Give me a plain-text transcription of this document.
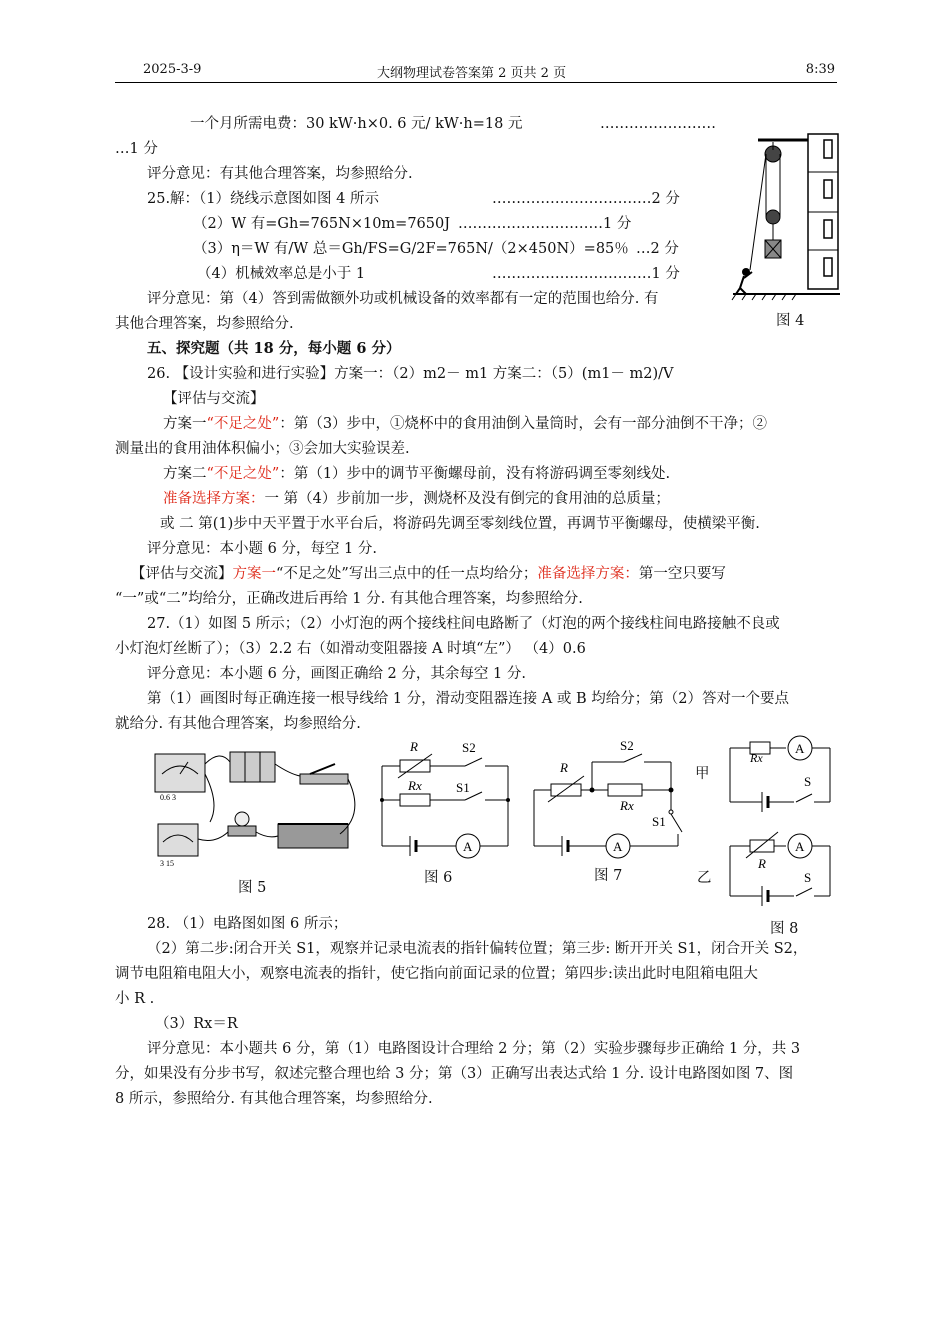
2025-3-9	大纲物理试卷答案第 2 页共 2 页	8:39
一个月所需电费：30 kW·h×0. 6 元/ kW·h=18 元	……………………
…1 分
评分意见：有其他合理答案，均参照给分.
25.解：（1）绕线示意图如图 4 所示	……………………………2 分
（2）W 有=Gh=765N×10m=7650J …………………………1 分
（3）η＝W 有/W 总＝Gh/FS=G/2F=765N/（2×450N）=85％ …2 分
（4）机械效率总是小于 1	……………………………1 分
评分意见：第（4）答到需做额外功或机械设备的效率都有一定的范围也给分. 有
其他合理答案，均参照给分.
五、探究题（共 18 分，每小题 6 分）
26. 【设计实验和进行实验】方案一：（2）m2－ m1 方案二：（5）(m1－ m2)/V
【评估与交流】
方案一“不足之处”：第（3）步中，①烧杯中的食用油倒入量筒时，会有一部分油倒不干净；②
测量出的食用油体积偏小；③会加大实验误差.
方案二“不足之处”：第（1）步中的调节平衡螺母前，没有将游码调至零刻线处.
准备选择方案：一 第（4）步前加一步，测烧杯及没有倒完的食用油的总质量；
或 二 第(1)步中天平置于水平台后，将游码先调至零刻线位置，再调节平衡螺母，使横梁平衡.
评分意见：本小题 6 分，每空 1 分.
【评估与交流】方案一“不足之处”写出三点中的任一点均给分；准备选择方案：第一空只要写
“一”或“二”均给分，正确改进后再给 1 分. 有其他合理答案，均参照给分.
27.（1）如图 5 所示；（2）小灯泡的两个接线柱间电路断了（灯泡的两个接线柱间电路接触不良或
小灯泡灯丝断了）；（3）2.2 右（如滑动变阻器接 A 时填“左”） （4）0.6
评分意见：本小题 6 分，画图正确给 2 分，其余每空 1 分.
第（1）画图时每正确连接一根导线给 1 分，滑动变阻器连接 A 或 B 均给分；第（2）答对一个要点
就给分. 有其他合理答案，均参照给分.
28. （1）电路图如图 6 所示；
（2）第二步:闭合开关 S1，观察并记录电流表的指针偏转位置；第三步: 断开开关 S1，闭合开关 S2，
调节电阻箱电阻大小，观察电流表的指针，使它指向前面记录的位置；第四步:读出此时电阻箱电阻大
小 R .
（3）Rx＝R
评分意见：本小题共 6 分，第（1）电路图设计合理给 2 分；第（2）实验步骤每步正确给 1 分，共 3
分，如果没有分步书写，叙述完整合理也给 3 分；第（3）正确写出表达式给 1 分. 设计电路图如图 7、图
8 所示，参照给分. 有其他合理答案，均参照给分.
图 4
0.6 3
3 15
图 5
R	S2
Rx	S1
A
图 6
R
S2
Rx
S1
A
图 7
甲
乙
Rx
A
S
R
A
S
图 8
